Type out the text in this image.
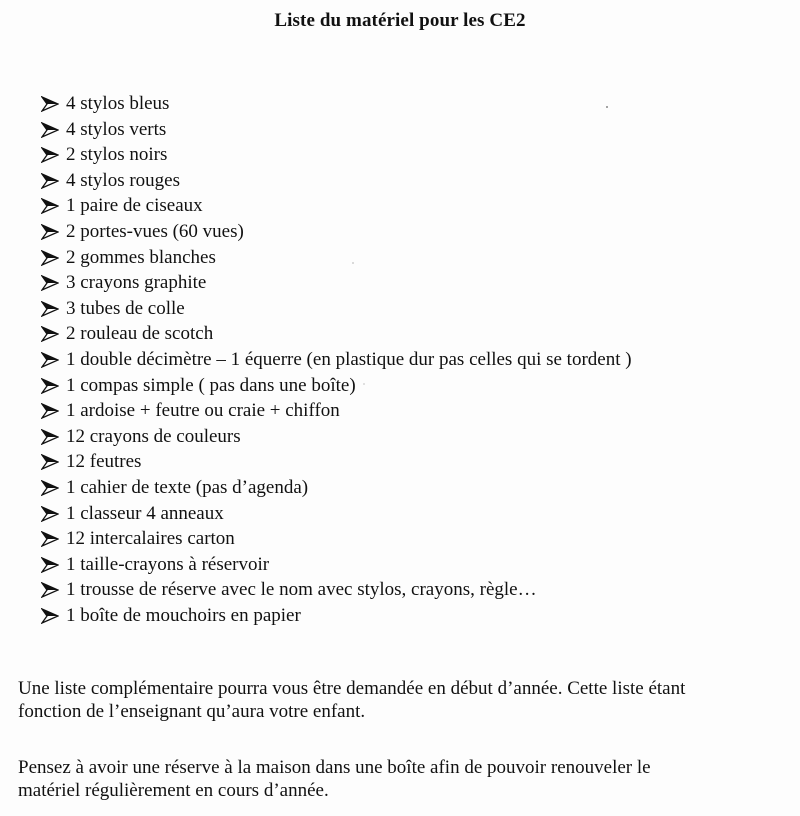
Liste du matériel pour les CE2
4 stylos bleus
4 stylos verts
2 stylos noirs
4 stylos rouges
1 paire de ciseaux
2 portes-vues (60 vues)
2 gommes blanches
3 crayons graphite
3 tubes de colle
2 rouleau de scotch
1 double décimètre – 1 équerre (en plastique dur pas celles qui se tordent )
1 compas simple ( pas dans une boîte)
1 ardoise + feutre ou craie + chiffon
12 crayons de couleurs
12 feutres
1 cahier de texte (pas d’agenda)
1 classeur 4 anneaux
12 intercalaires carton
1 taille-crayons à réservoir
1 trousse de réserve avec le nom avec stylos, crayons, règle…
1 boîte de mouchoirs en papier

Une liste complémentaire pourra vous être demandée en début d’année. Cette liste étant
fonction de l’enseignant qu’aura votre enfant.

Pensez à avoir une réserve à la maison dans une boîte afin de pouvoir renouveler le
matériel régulièrement en cours d’année.
